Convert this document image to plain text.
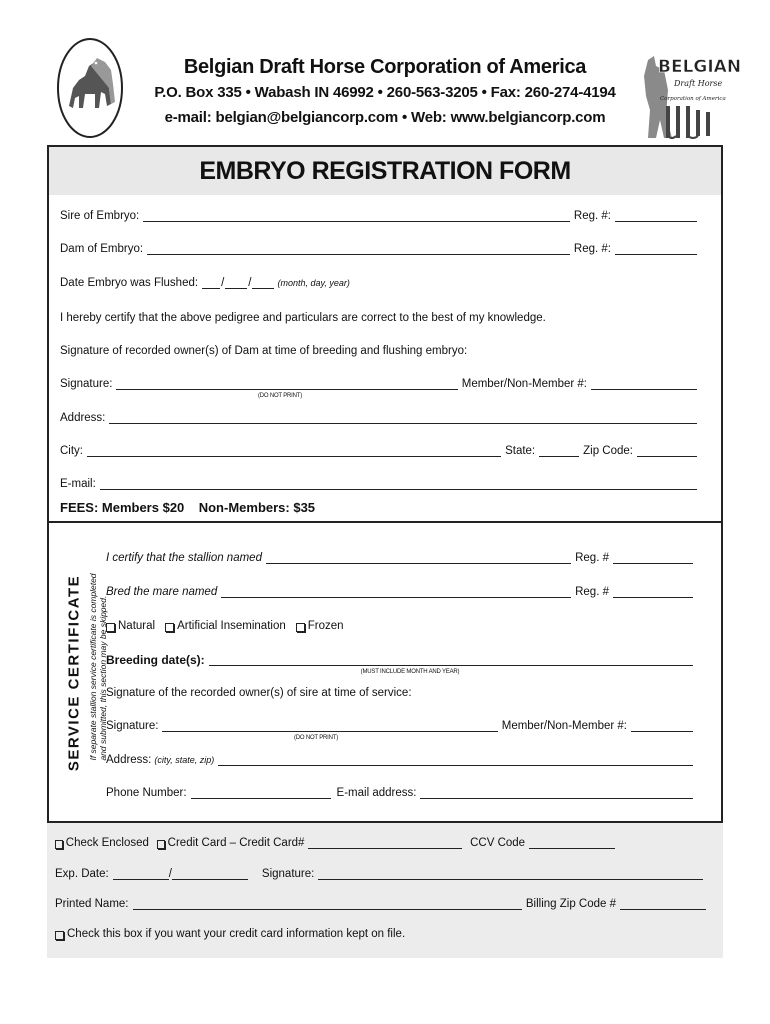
BELGIAN
Draft Horse
Corporation of America
Belgian Draft Horse Corporation of America
P.O. Box 335 • Wabash IN 46992 • 260-563-3205 • Fax: 260-274-4194
e-mail: belgian@belgiancorp.com • Web: www.belgiancorp.com
EMBRYO REGISTRATION FORM
Sire of Embryo:	Reg. #:
Dam of Embryo:	Reg. #:
Date Embryo was Flushed: / /	(month, day, year)
I hereby certify that the above pedigree and particulars are correct to the best of my knowledge.
Signature of recorded owner(s) of Dam at time of breeding and flushing embryo:
Signature:	Member/Non-Member #:
(DO NOT PRINT)
Address:
City:	State:	Zip Code:
E-mail:
FEES: Members $20    Non-Members: $35
SERVICE CERTIFICATE If separate stallion service certificate is completed and submitted, this section may be skipped.
I certify that the stallion named	Reg. #
Bred the mare named	Reg. #
Natural Artificial Insemination Frozen
Breeding date(s):
(MUST INCLUDE MONTH AND YEAR)
Signature of the recorded owner(s) of sire at time of service:
Signature:	Member/Non-Member #:
(DO NOT PRINT)
Address: (city, state, zip)
Phone Number:	E-mail address:
Check Enclosed Credit Card – Credit Card#	CCV Code
Exp. Date:	/	Signature:
Printed Name:	Billing Zip Code #
Check this box if you want your credit card information kept on file.
